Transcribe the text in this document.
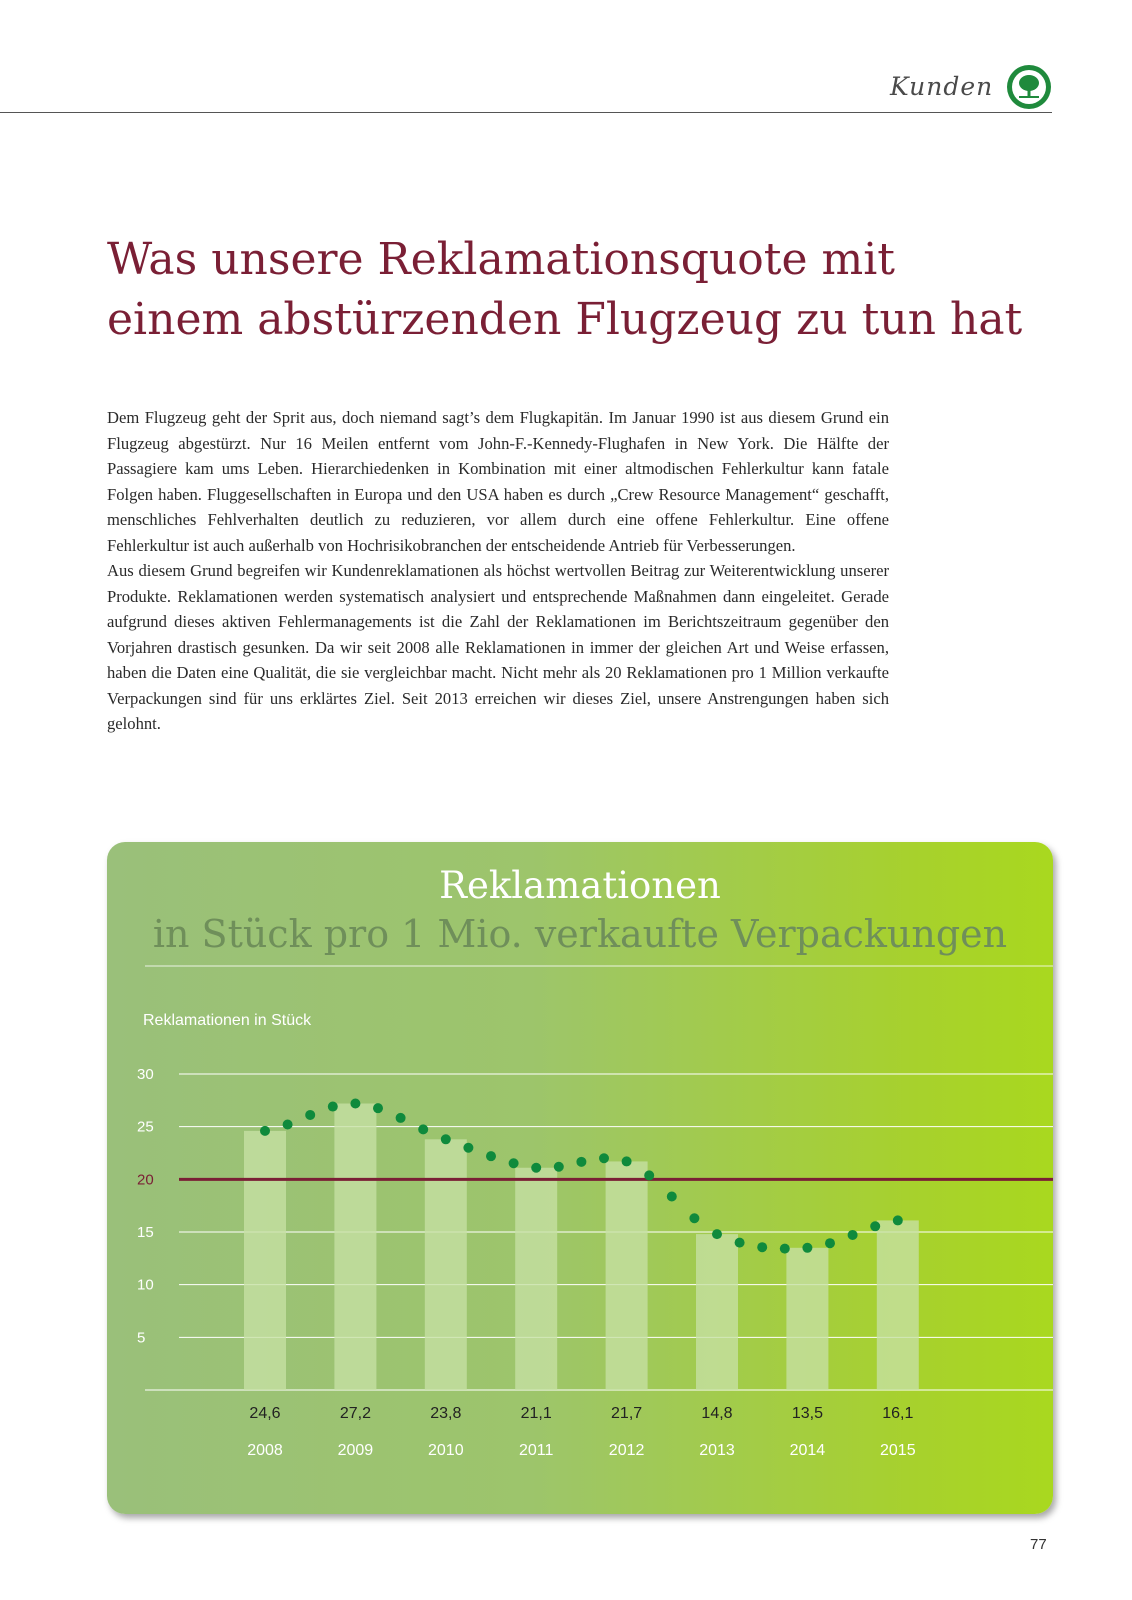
Kunden
Was unsere Reklamationsquote mit
einem abstürzenden Flugzeug zu tun hat

Dem Flugzeug geht der Sprit aus, doch niemand sagt’s dem Flugkapitän. Im Januar 1990 ist aus diesem Grund ein Flugzeug abgestürzt. Nur 16 Meilen entfernt vom John-F.-Kennedy-Flughafen in New York. Die Hälfte der Passagiere kam ums Leben. Hierarchiedenken in Kombination mit einer altmodischen Fehlerkultur kann fatale Folgen haben. Fluggesellschaften in Europa und den USA haben es durch „Crew Resource Management“ geschafft, menschliches Fehlverhalten deutlich zu reduzieren, vor allem durch eine offene Fehlerkultur. Eine offene Fehlerkultur ist auch außerhalb von Hochrisikobranchen der entscheidende Antrieb für Verbesserungen.

Aus diesem Grund begreifen wir Kundenreklamationen als höchst wertvollen Beitrag zur Weiterentwicklung unserer Produkte. Reklamationen werden systematisch analysiert und entsprechende Maßnahmen dann eingeleitet. Gerade aufgrund dieses aktiven Fehlermanagements ist die Zahl der Reklamationen im Berichtszeitraum gegenüber den Vorjahren drastisch gesunken. Da wir seit 2008 alle Reklamationen in immer der gleichen Art und Weise erfassen, haben die Daten eine Qualität, die sie vergleichbar macht. Nicht mehr als 20 Reklamationen pro 1 Million verkaufte Verpackungen sind für uns erklärtes Ziel. Seit 2013 erreichen wir dieses Ziel, unsere Anstrengungen haben sich gelohnt.

Reklamationen
in Stück pro 1 Mio. verkaufte Verpackungen
Reklamationen in Stück
5
10
15
20
25
30
24,6
2008
27,2
2009
23,8
2010
21,1
2011
21,7
2012
14,8
2013
13,5
2014
16,1
2015
77
